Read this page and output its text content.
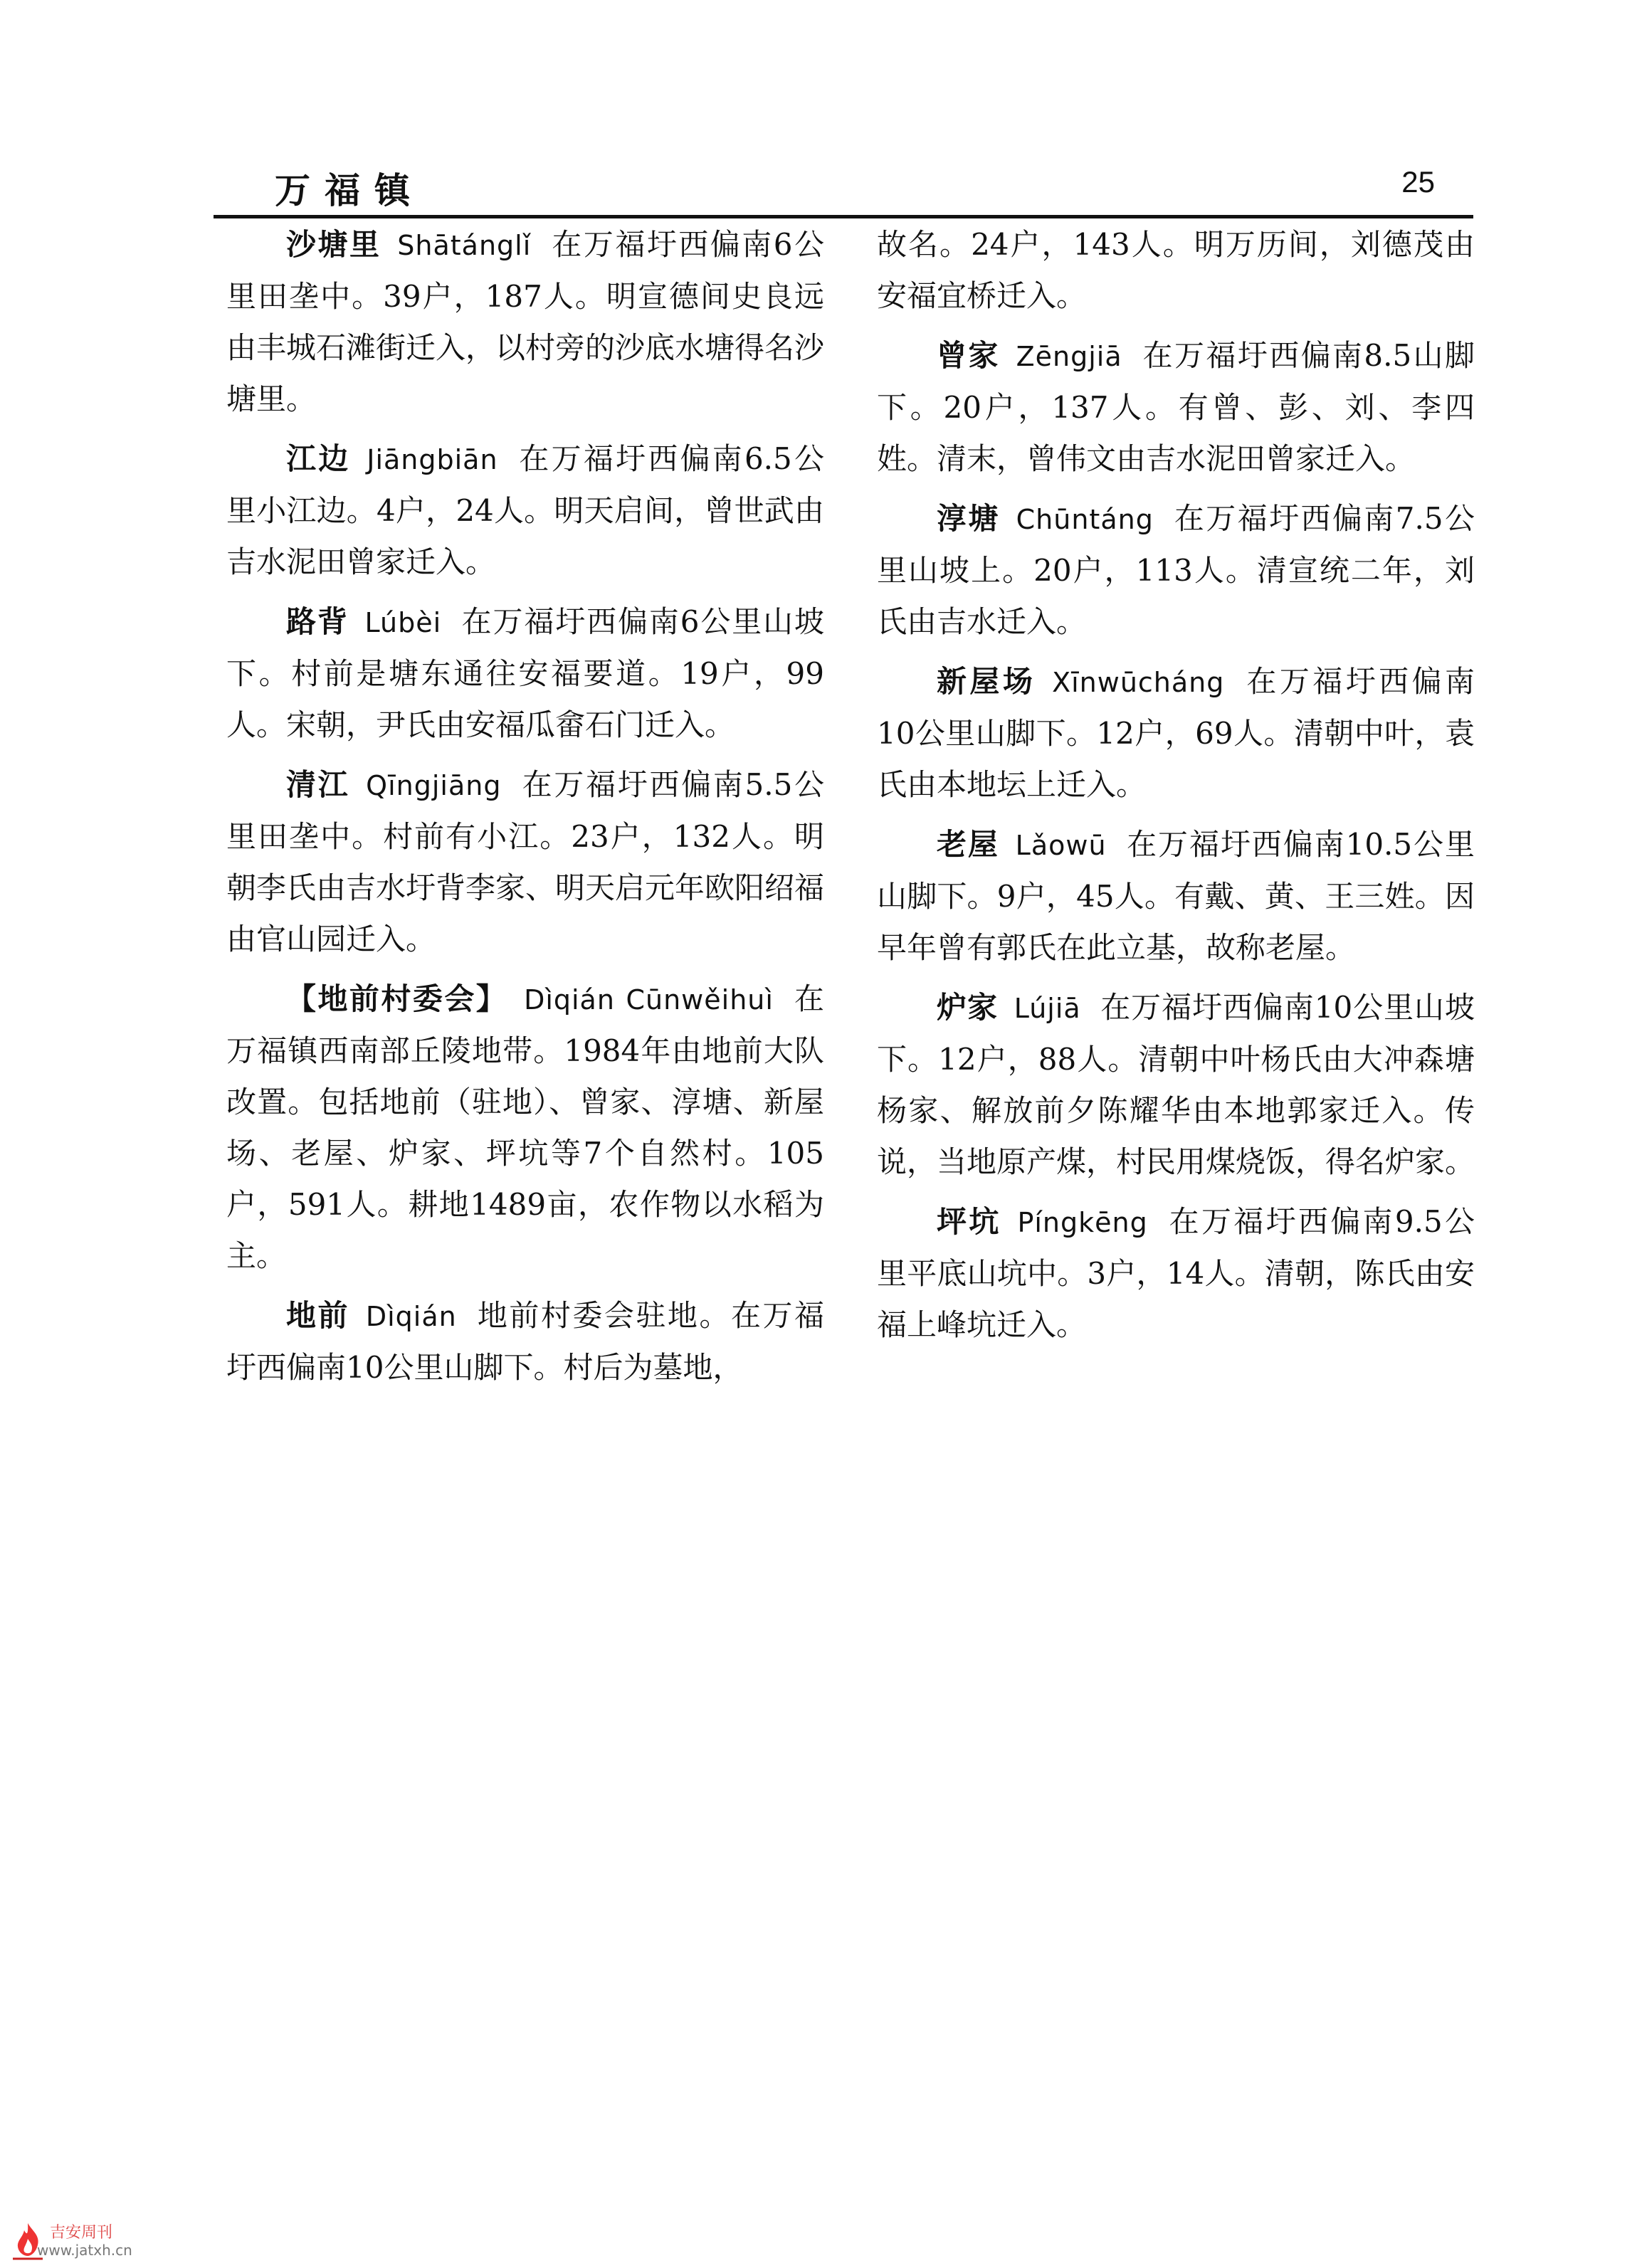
万福镇	25

沙塘里 Shātánglǐ 在万福圩西偏南6公里田垄中。39户，187人。明宣德间史良远由丰城石滩街迁入，以村旁的沙底水塘得名沙塘里。

江边 Jiāngbiān 在万福圩西偏南6.5公里小江边。4户，24人。明天启间，曾世武由吉水泥田曾家迁入。

路背 Lúbèi 在万福圩西偏南6公里山坡下。村前是塘东通往安福要道。19户，99人。宋朝，尹氏由安福瓜畲石门迁入。

清江 Qīngjiāng 在万福圩西偏南5.5公里田垄中。村前有小江。23户，132人。明朝李氏由吉水圩背李家、明天启元年欧阳绍福由官山园迁入。

【地前村委会】 Dìqián Cūnwěihuì 在万福镇西南部丘陵地带。1984年由地前大队改置。包括地前（驻地）、曾家、淳塘、新屋场、老屋、炉家、坪坑等7个自然村。105户，591人。耕地1489亩，农作物以水稻为主。

地前 Dìqián 地前村委会驻地。在万福圩西偏南10公里山脚下。村后为墓地，

故名。24户，143人。明万历间，刘德茂由安福宜桥迁入。

曾家 Zēngjiā 在万福圩西偏南8.5山脚下。20户，137人。有曾、彭、刘、李四姓。清末，曾伟文由吉水泥田曾家迁入。

淳塘 Chūntáng 在万福圩西偏南7.5公里山坡上。20户，113人。清宣统二年，刘氏由吉水迁入。

新屋场 Xīnwūcháng 在万福圩西偏南10公里山脚下。12户，69人。清朝中叶，袁氏由本地坛上迁入。

老屋 Lǎowū 在万福圩西偏南10.5公里山脚下。9户，45人。有戴、黄、王三姓。因早年曾有郭氏在此立基，故称老屋。

炉家 Lújiā 在万福圩西偏南10公里山坡下。12户，88人。清朝中叶杨氏由大冲森塘杨家、解放前夕陈耀华由本地郭家迁入。传说，当地原产煤，村民用煤烧饭，得名炉家。

坪坑 Píngkēng 在万福圩西偏南9.5公里平底山坑中。3户，14人。清朝，陈氏由安福上峰坑迁入。

吉安周刊
www.jatxh.cn
